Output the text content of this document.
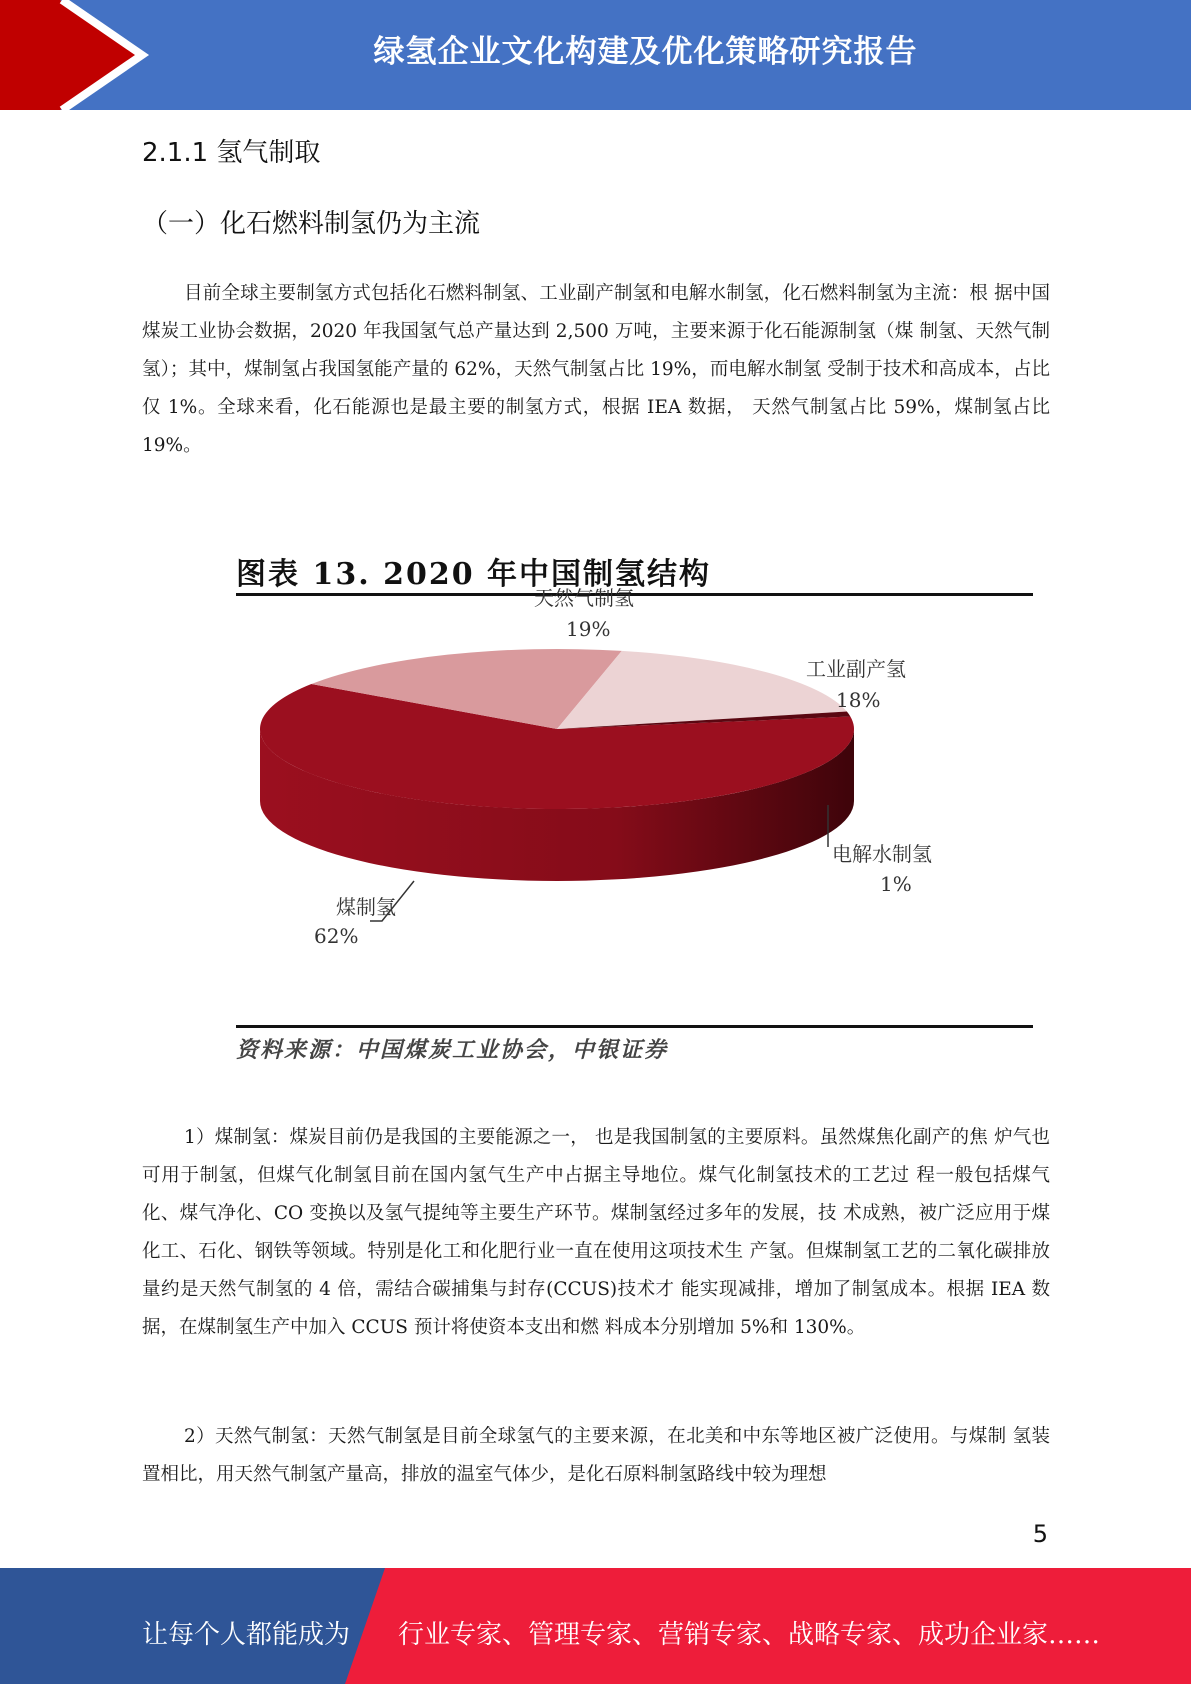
绿氢企业文化构建及优化策略研究报告
2.1.1 氢气制取
（一）化石燃料制氢仍为主流
目前全球主要制氢方式包括化石燃料制氢、工业副产制氢和电解水制氢，化石燃料制氢为主流：根 据中国煤炭工业协会数据，2020 年我国氢气总产量达到 2,500 万吨，主要来源于化石能源制氢（煤 制氢、天然气制氢）；其中，煤制氢占我国氢能产量的 62%，天然气制氢占比 19%，而电解水制氢 受制于技术和高成本，占比仅 1%。全球来看，化石能源也是最主要的制氢方式，根据 IEA 数据， 天然气制氢占比 59%，煤制氢占比 19%。
图表 13. 2020 年中国制氢结构
煤制氢
62%
天然气制氢
19%
工业副产氢
18%
电解水制氢
1%
资料来源：中国煤炭工业协会，中银证券
1）煤制氢：煤炭目前仍是我国的主要能源之一， 也是我国制氢的主要原料。虽然煤焦化副产的焦 炉气也可用于制氢，但煤气化制氢目前在国内氢气生产中占据主导地位。煤气化制氢技术的工艺过 程一般包括煤气化、煤气净化、CO 变换以及氢气提纯等主要生产环节。煤制氢经过多年的发展，技 术成熟，被广泛应用于煤化工、石化、钢铁等领域。特别是化工和化肥行业一直在使用这项技术生 产氢。但煤制氢工艺的二氧化碳排放量约是天然气制氢的 4 倍，需结合碳捕集与封存(CCUS)技术才 能实现减排，增加了制氢成本。根据 IEA 数据，在煤制氢生产中加入 CCUS 预计将使资本支出和燃 料成本分别增加 5%和 130%。
2）天然气制氢：天然气制氢是目前全球氢气的主要来源，在北美和中东等地区被广泛使用。与煤制 氢装置相比，用天然气制氢产量高，排放的温室气体少，是化石原料制氢路线中较为理想
5
让每个人都能成为 行业专家、管理专家、营销专家、战略专家、成功企业家……
